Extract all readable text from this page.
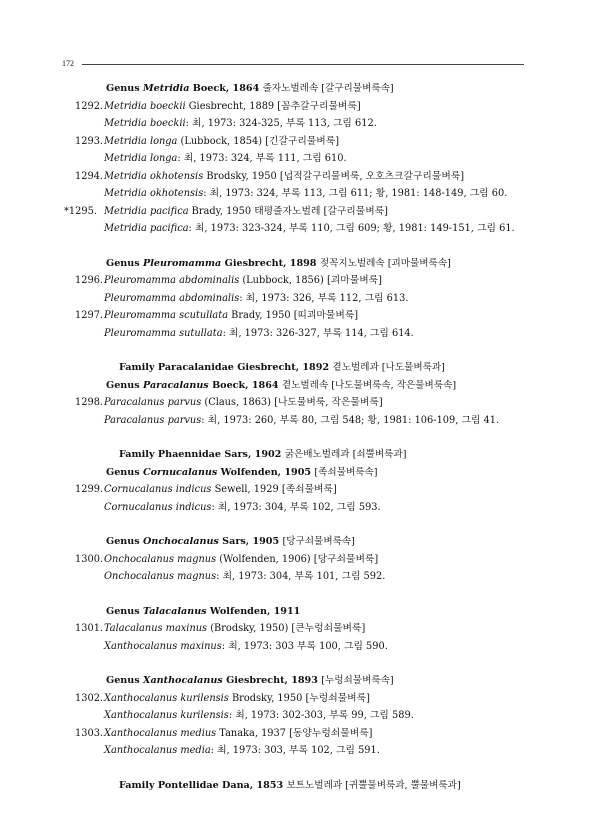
172
Genus Metridia Boeck, 1864 줄자노벌레속 [갈구리물벼룩속]
1292. Metridia boeckii Giesbrecht, 1889 [꼼추갈구리물벼룩]
Metridia boeckii: 최, 1973: 324-325, 부록 113, 그림 612.
1293. Metridia longa (Lubbock, 1854) [긴갈구리물벼룩]
Metridia longa: 최, 1973: 324, 부록 111, 그림 610.
1294. Metridia okhotensis Brodsky, 1950 [넙적갈구리물벼룩, 오호츠크갈구리물벼룩]
Metridia okhotensis: 최, 1973: 324, 부록 113, 그림 611; 황, 1981: 148-149, 그림 60.
*1295. Metridia pacifica Brady, 1950 태평줄자노벌레 [갈구리물벼룩]
Metridia pacifica: 최, 1973: 323-324, 부록 110, 그림 609; 황, 1981: 149-151, 그림 61.
Genus Pleuromamma Giesbrecht, 1898 젖꼭지노벌레속 [괴마물벼룩속]
1296. Pleuromamma abdominalis (Lubbock, 1856) [괴마물벼룩]
Pleuromamma abdominalis: 최, 1973: 326, 부록 112, 그림 613.
1297. Pleuromamma scutullata Brady, 1950 [띠괴마물벼룩]
Pleuromamma sutullata: 최, 1973: 326-327, 부록 114, 그림 614.
Family Paracalanidae Giesbrecht, 1892 곁노벌레과 [나도물벼룩과]
Genus Paracalanus Boeck, 1864 곁노벌레속 [나도물벼룩속, 작은물벼룩속]
1298. Paracalanus parvus (Claus, 1863) [나도물벼룩, 작은물벼룩]
Paracalanus parvus: 최, 1973: 260, 부록 80, 그림 548; 황, 1981: 106-109, 그림 41.
Family Phaennidae Sars, 1902 굵은배노벌레과 [쇠뿔벼룩과]
Genus Cornucalanus Wolfenden, 1905 [족쇠물벼룩속]
1299. Cornucalanus indicus Sewell, 1929 [족쇠물벼룩]
Cornucalanus indicus: 최, 1973: 304, 부록 102, 그림 593.
Genus Onchocalanus Sars, 1905 [당구쇠물벼룩속]
1300. Onchocalanus magnus (Wolfenden, 1906) [당구쇠물벼룩]
Onchocalanus magnus: 최, 1973: 304, 부록 101, 그림 592.
Genus Talacalanus Wolfenden, 1911
1301. Talacalanus maxinus (Brodsky, 1950) [큰누렁쇠물벼룩]
Xanthocalanus maxinus: 최, 1973: 303 부록 100, 그림 590.
Genus Xanthocalanus Giesbrecht, 1893 [누렁쇠물벼룩속]
1302. Xanthocalanus kurilensis Brodsky, 1950 [누렁쇠물벼룩]
Xanthocalanus kurilensis: 최, 1973: 302-303, 부록 99, 그림 589.
1303. Xanthocalanus medius Tanaka, 1937 [동양누렁쇠물벼룩]
Xanthocalanus media: 최, 1973: 303, 부록 102, 그림 591.
Family Pontellidae Dana, 1853 보트노벌레과 [귀뿔물벼룩과, 뿔물벼룩과]
